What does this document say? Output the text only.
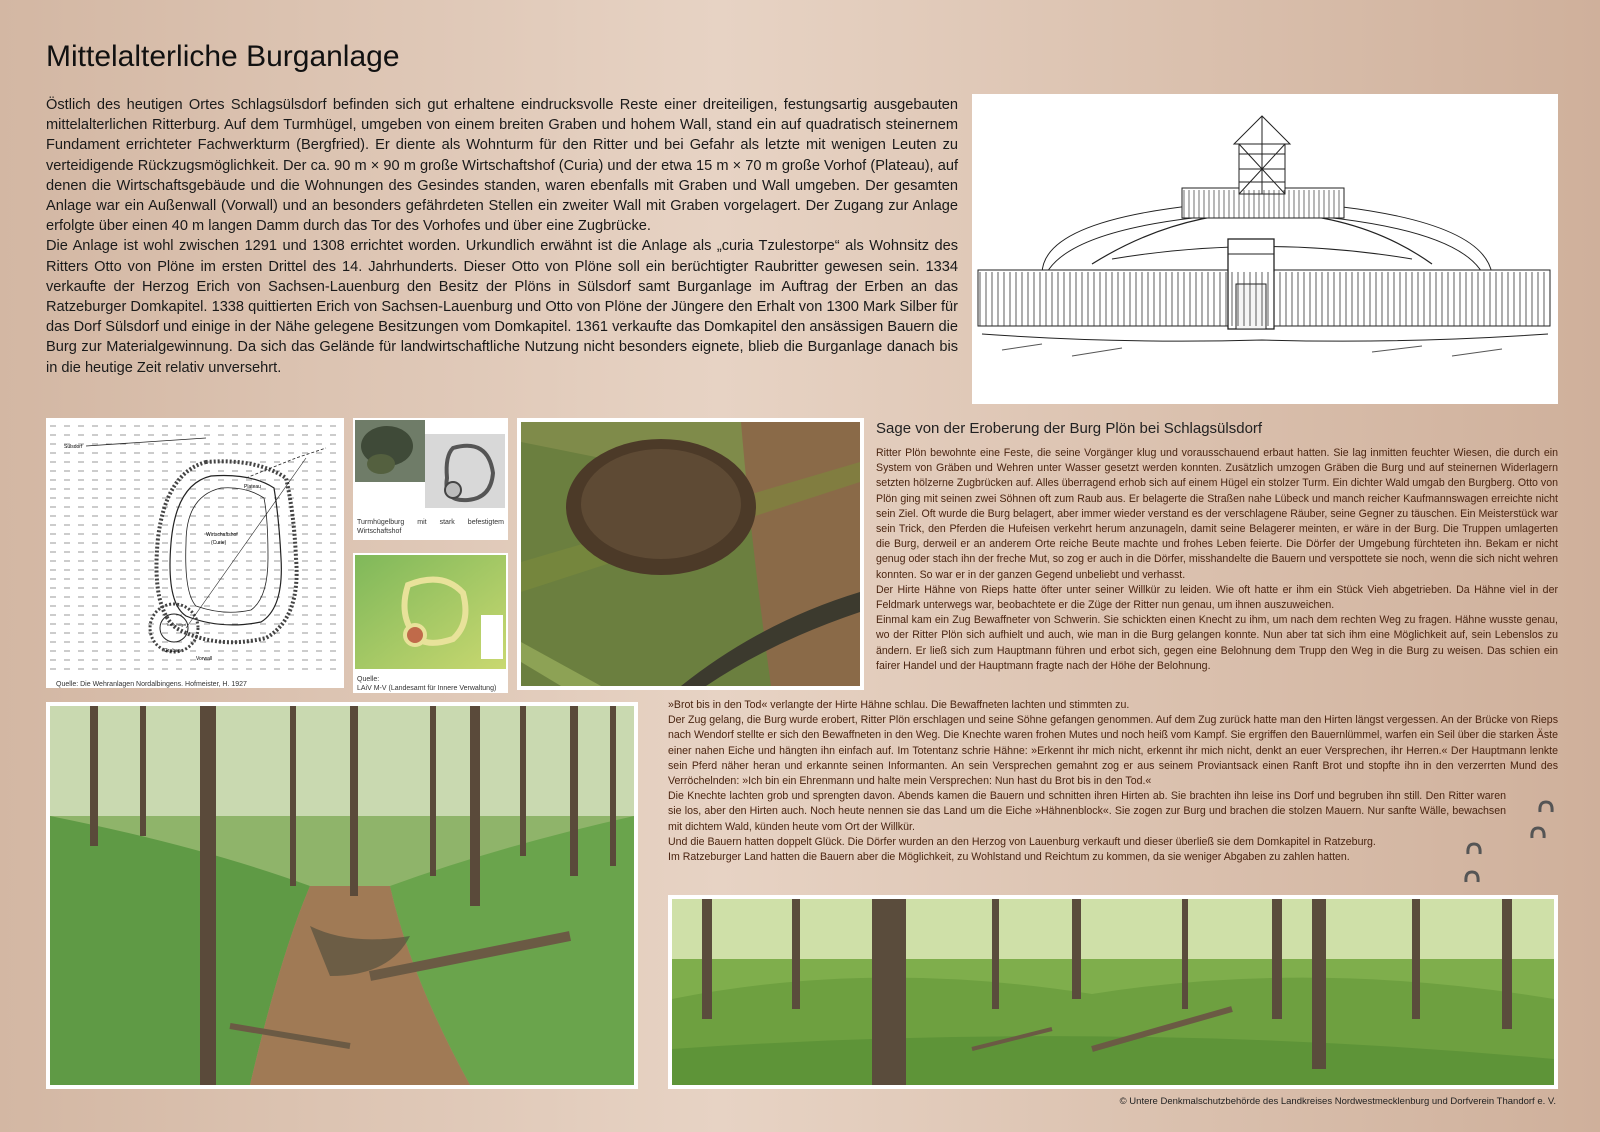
Mittelalterliche Burganlage

Östlich des heutigen Ortes Schlagsülsdorf befinden sich gut erhaltene eindrucksvolle Reste einer dreiteiligen, festungsartig ausgebauten mittelalterlichen Ritterburg. Auf dem Turmhügel, umgeben von einem breiten Graben und hohem Wall, stand ein auf quadratisch steinernem Fundament errichteter Fachwerkturm (Bergfried). Er diente als Wohnturm für den Ritter und bei Gefahr als letzte mit wenigen Leuten zu verteidigende Rückzugsmöglichkeit. Der ca. 90 m × 90 m große Wirtschaftshof (Curia) und der etwa 15 m × 70 m große Vorhof (Plateau), auf denen die Wirtschaftsgebäude und die Wohnungen des Gesindes standen, waren ebenfalls mit Graben und Wall umgeben. Der gesamten Anlage war ein Außenwall (Vorwall) und an besonders gefährdeten Stellen ein zweiter Wall mit Graben vorgelagert. Der Zugang zur Anlage erfolgte über einen 40 m langen Damm durch das Tor des Vorhofes und über eine Zugbrücke.

Die Anlage ist wohl zwischen 1291 und 1308 errichtet worden. Urkundlich erwähnt ist die Anlage als „curia Tzulestorpe“ als Wohnsitz des Ritters Otto von Plöne im ersten Drittel des 14. Jahrhunderts. Dieser Otto von Plöne soll ein berüchtigter Raubritter gewesen sein. 1334 verkaufte der Herzog Erich von Sachsen-Lauenburg den Besitz der Plöns in Sülsdorf samt Burganlage im Auftrag der Erben an das Ratzeburger Domkapitel. 1338 quittierten Erich von Sachsen-Lauenburg und Otto von Plöne der Jüngere den Erhalt von 1300 Mark Silber für das Dorf Sülsdorf und einige in der Nähe gelegene Besitzungen vom Domkapitel. 1361 verkaufte das Domkapitel den ansässigen Bauern die Burg zur Materialgewinnung. Da sich das Gelände für landwirtschaftliche Nutzung nicht besonders eignete, blieb die Burganlage danach bis in die heutige Zeit relativ unversehrt.

Sülsdorf
Plateau
Wirtschaftshof
(Curie)
Turm-hügel
Graben
Vorwall
Quelle: Die Wehranlagen Nordalbingens. Hofmeister, H. 1927
Turmhügelburg mit stark befestigtem Wirtschaftshof
Quelle:
LAiV M-V (Landesamt für Innere Verwaltung)
Sage von der Eroberung der Burg Plön bei Schlagsülsdorf

Ritter Plön bewohnte eine Feste, die seine Vorgänger klug und vorausschauend erbaut hatten. Sie lag inmitten feuchter Wiesen, die durch ein System von Gräben und Wehren unter Wasser gesetzt werden konnten. Zusätzlich umzogen Gräben die Burg und auf steinernen Widerlagern setzten hölzerne Zugbrücken auf. Alles überragend erhob sich auf einem Hügel ein stolzer Turm. Ein dichter Wald umgab den Burgberg. Otto von Plön ging mit seinen zwei Söhnen oft zum Raub aus. Er belagerte die Straßen nahe Lübeck und manch reicher Kaufmannswagen erreichte nicht sein Ziel. Oft wurde die Burg belagert, aber immer wieder verstand es der verschlagene Räuber, seine Gegner zu täuschen. Ein Meisterstück war sein Trick, den Pferden die Hufeisen verkehrt herum anzunageln, damit seine Belagerer meinten, er wäre in der Burg. Die Truppen umlagerten die Burg, derweil er an anderem Orte reiche Beute machte und frohes Leben feierte. Die Dörfer der Umgebung fürchteten ihn. Bekam er nicht genug oder stach ihn der freche Mut, so zog er auch in die Dörfer, misshandelte die Bauern und verspottete sie noch, wenn die sich nicht wehren konnten. So war er in der ganzen Gegend unbeliebt und verhasst.

Der Hirte Hähne von Rieps hatte öfter unter seiner Willkür zu leiden. Wie oft hatte er ihm ein Stück Vieh abgetrieben. Da Hähne viel in der Feldmark unterwegs war, beobachtete er die Züge der Ritter nun genau, um ihnen auszuweichen.

Einmal kam ein Zug Bewaffneter von Schwerin. Sie schickten einen Knecht zu ihm, um nach dem rechten Weg zu fragen. Hähne wusste genau, wo der Ritter Plön sich aufhielt und auch, wie man in die Burg gelangen konnte. Nun aber tat sich ihm eine Möglichkeit auf, sein Lebenslos zu ändern. Er ließ sich zum Hauptmann führen und erbot sich, gegen eine Belohnung dem Trupp den Weg in die Burg zu weisen. Das schien ein fairer Handel und der Hauptmann fragte nach der Höhe der Belohnung.

»Brot bis in den Tod« verlangte der Hirte Hähne schlau. Die Bewaffneten lachten und stimmten zu.

Der Zug gelang, die Burg wurde erobert, Ritter Plön erschlagen und seine Söhne gefangen genommen. Auf dem Zug zurück hatte man den Hirten längst vergessen. An der Brücke von Rieps nach Wendorf stellte er sich den Bewaffneten in den Weg. Die Knechte waren frohen Mutes und noch heiß vom Kampf. Sie ergriffen den Bauernlümmel, warfen ein Seil über die starken Äste einer nahen Eiche und hängten ihn einfach auf. Im Totentanz schrie Hähne: »Erkennt ihr mich nicht, erkennt ihr mich nicht, denkt an euer Versprechen, ihr Herren.« Der Hauptmann lenkte sein Pferd näher heran und erkannte seinen Informanten. An sein Versprechen gemahnt zog er aus seinem Proviantsack einen Ranft Brot und stopfte ihn in den verzerrten Mund des Verröchelnden: »Ich bin ein Ehrenmann und halte mein Versprechen: Nun hast du Brot bis in den Tod.«

Die Knechte lachten grob und sprengten davon. Abends kamen die Bauern und schnitten ihren Hirten ab. Sie brachten ihn leise ins Dorf und begruben ihn still. Den Ritter waren sie los, aber den Hirten auch. Noch heute nennen sie das Land um die Eiche »Hähnenblock«. Sie zogen zur Burg und brachen die stolzen Mauern. Nur sanfte Wälle, bewachsen mit dichtem Wald, künden heute vom Ort der Willkür.

Und die Bauern hatten doppelt Glück. Die Dörfer wurden an den Herzog von Lauenburg verkauft und dieser überließ sie dem Domkapitel in Ratzeburg.

Im Ratzeburger Land hatten die Bauern aber die Möglichkeit, zu Wohlstand und Reichtum zu kommen, da sie weniger Abgaben zu zahlen hatten.

© Untere Denkmalschutzbehörde des Landkreises Nordwestmecklenburg und Dorfverein Thandorf e. V.
